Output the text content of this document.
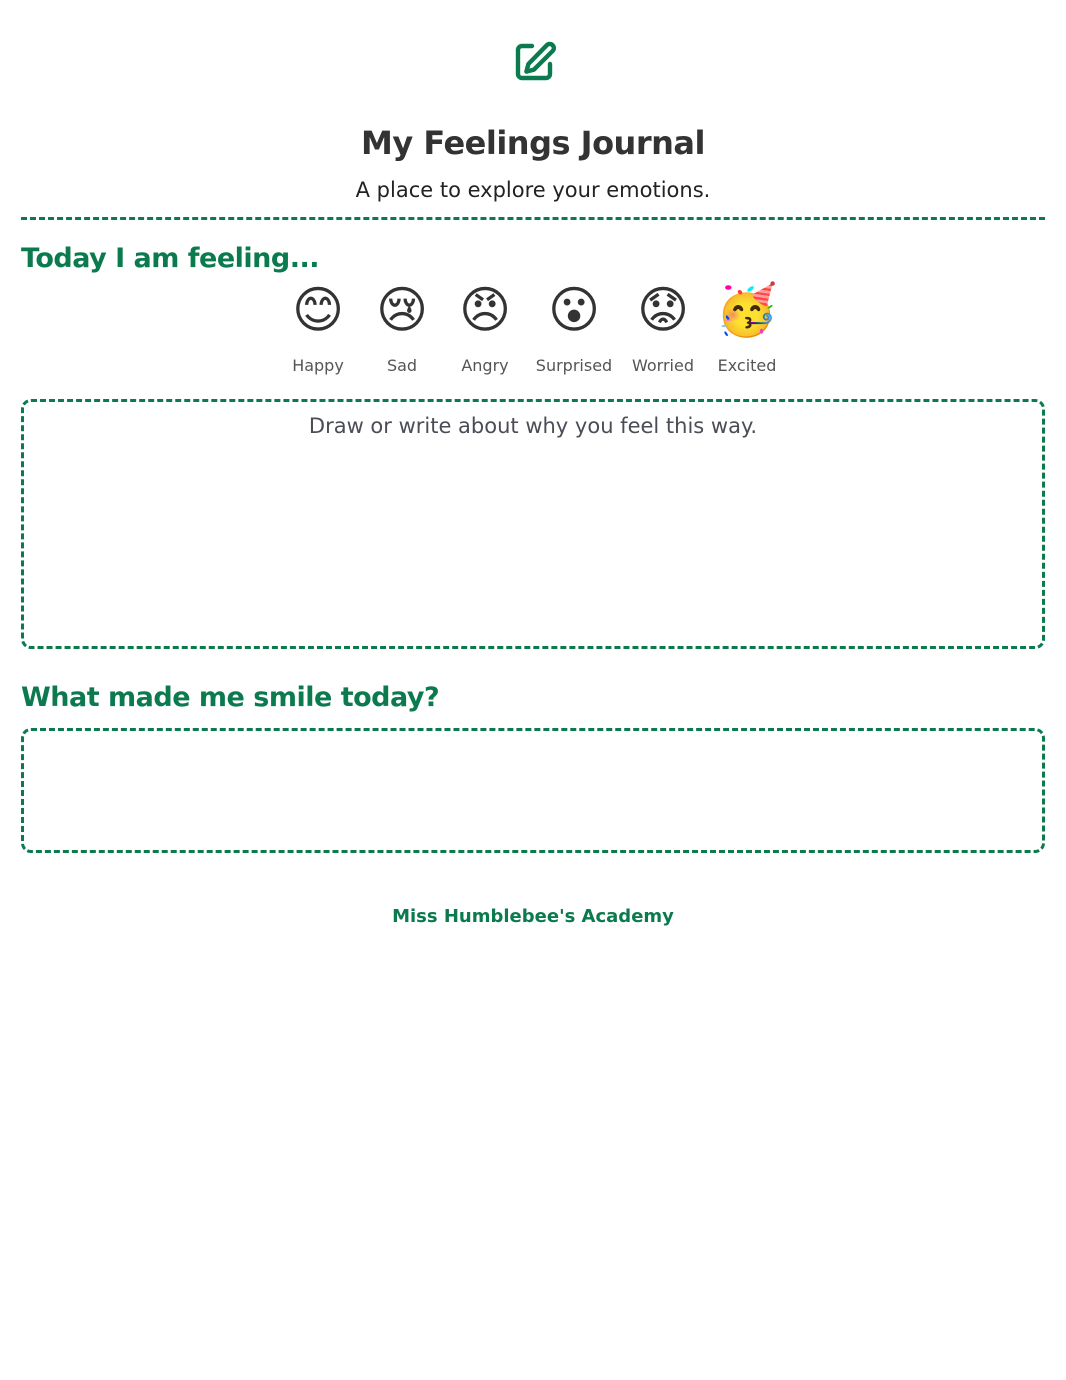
My Feelings Journal

A place to explore your emotions.

Today I am feeling...
😊
Happy
😢
Sad
😠
Angry
😮
Surprised
😟
Worried
🥳
Excited

Draw or write about why you feel this way.

What made me smile today?

Miss Humblebee's Academy
